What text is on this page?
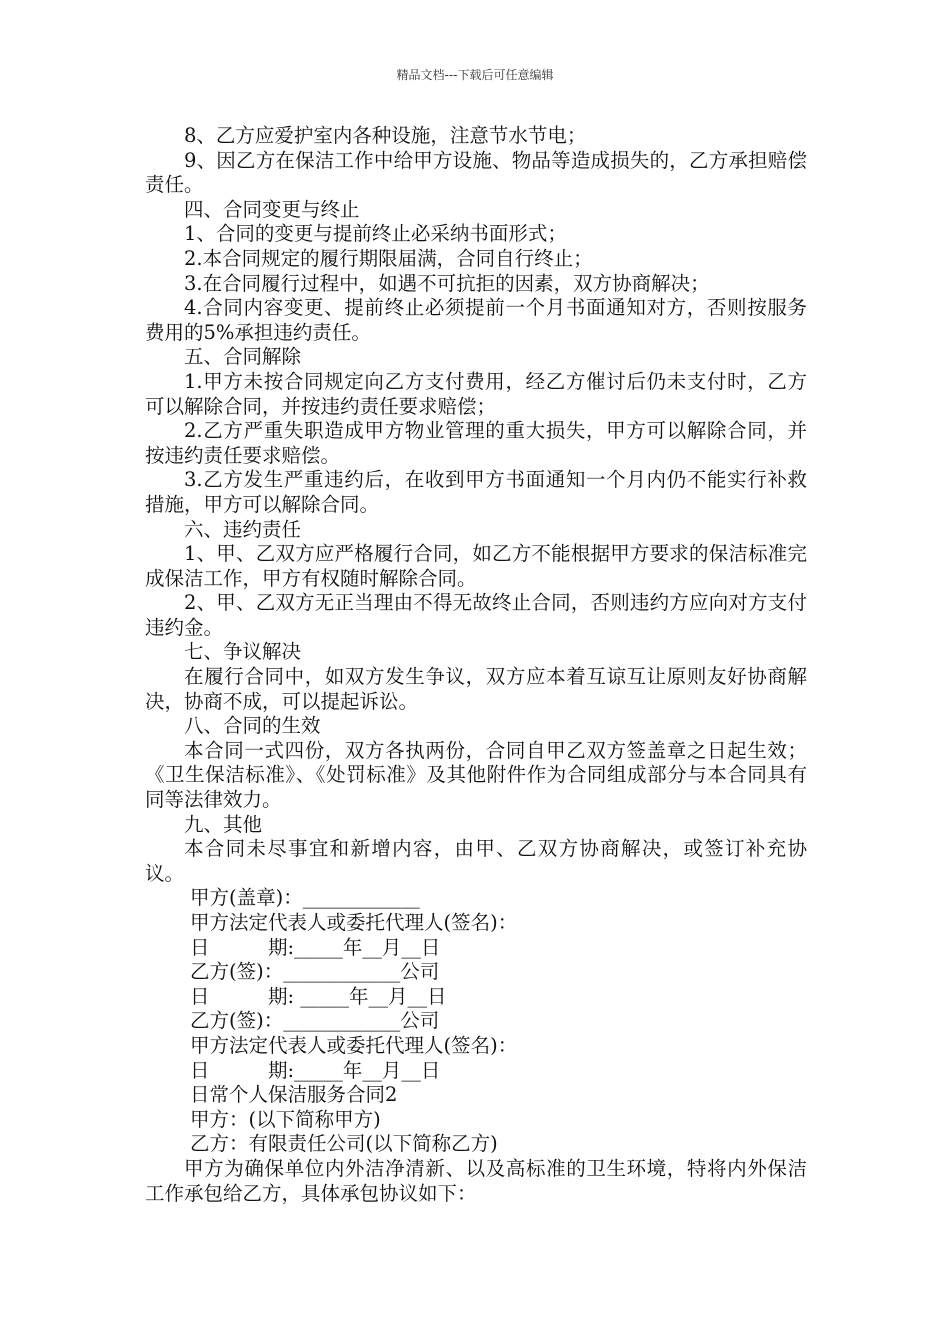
精品文档---下载后可任意编辑

8、乙方应爱护室内各种设施，注意节水节电；

9、因乙方在保洁工作中给甲方设施、物品等造成损失的，乙方承担赔偿责任。

四、合同变更与终止

1、合同的变更与提前终止必采纳书面形式；

2.本合同规定的履行期限届满，合同自行终止；

3.在合同履行过程中，如遇不可抗拒的因素，双方协商解决；

4.合同内容变更、提前终止必须提前一个月书面通知对方，否则按服务费用的5%承担违约责任。

五、合同解除

1.甲方未按合同规定向乙方支付费用，经乙方催讨后仍未支付时，乙方可以解除合同，并按违约责任要求赔偿；

2.乙方严重失职造成甲方物业管理的重大损失，甲方可以解除合同，并按违约责任要求赔偿。

3.乙方发生严重违约后，在收到甲方书面通知一个月内仍不能实行补救措施，甲方可以解除合同。

六、违约责任

1、甲、乙双方应严格履行合同，如乙方不能根据甲方要求的保洁标准完成保洁工作，甲方有权随时解除合同。

2、甲、乙双方无正当理由不得无故终止合同，否则违约方应向对方支付违约金。

七、争议解决

在履行合同中，如双方发生争议，双方应本着互谅互让原则友好协商解决，协商不成，可以提起诉讼。

八、合同的生效

本合同一式四份，双方各执两份，合同自甲乙双方签盖章之日起生效；《卫生保洁标准》、《处罚标准》及其他附件作为合同组成部分与本合同具有同等法律效力。

九、其他

本合同未尽事宜和新增内容，由甲、乙双方协商解决，或签订补充协议。

甲方(盖章)：____________

甲方法定代表人或委托代理人(签名)：

日　　　期:_____年__月__日

乙方(签)：____________公司

日　　　期: _____年__月__日

乙方(签)：____________公司

甲方法定代表人或委托代理人(签名)：

日　　　期:_____年__月__日

日常个人保洁服务合同2

甲方：(以下简称甲方)

乙方：有限责任公司(以下简称乙方)

甲方为确保单位内外洁净清新、以及高标准的卫生环境，特将内外保洁工作承包给乙方，具体承包协议如下：
